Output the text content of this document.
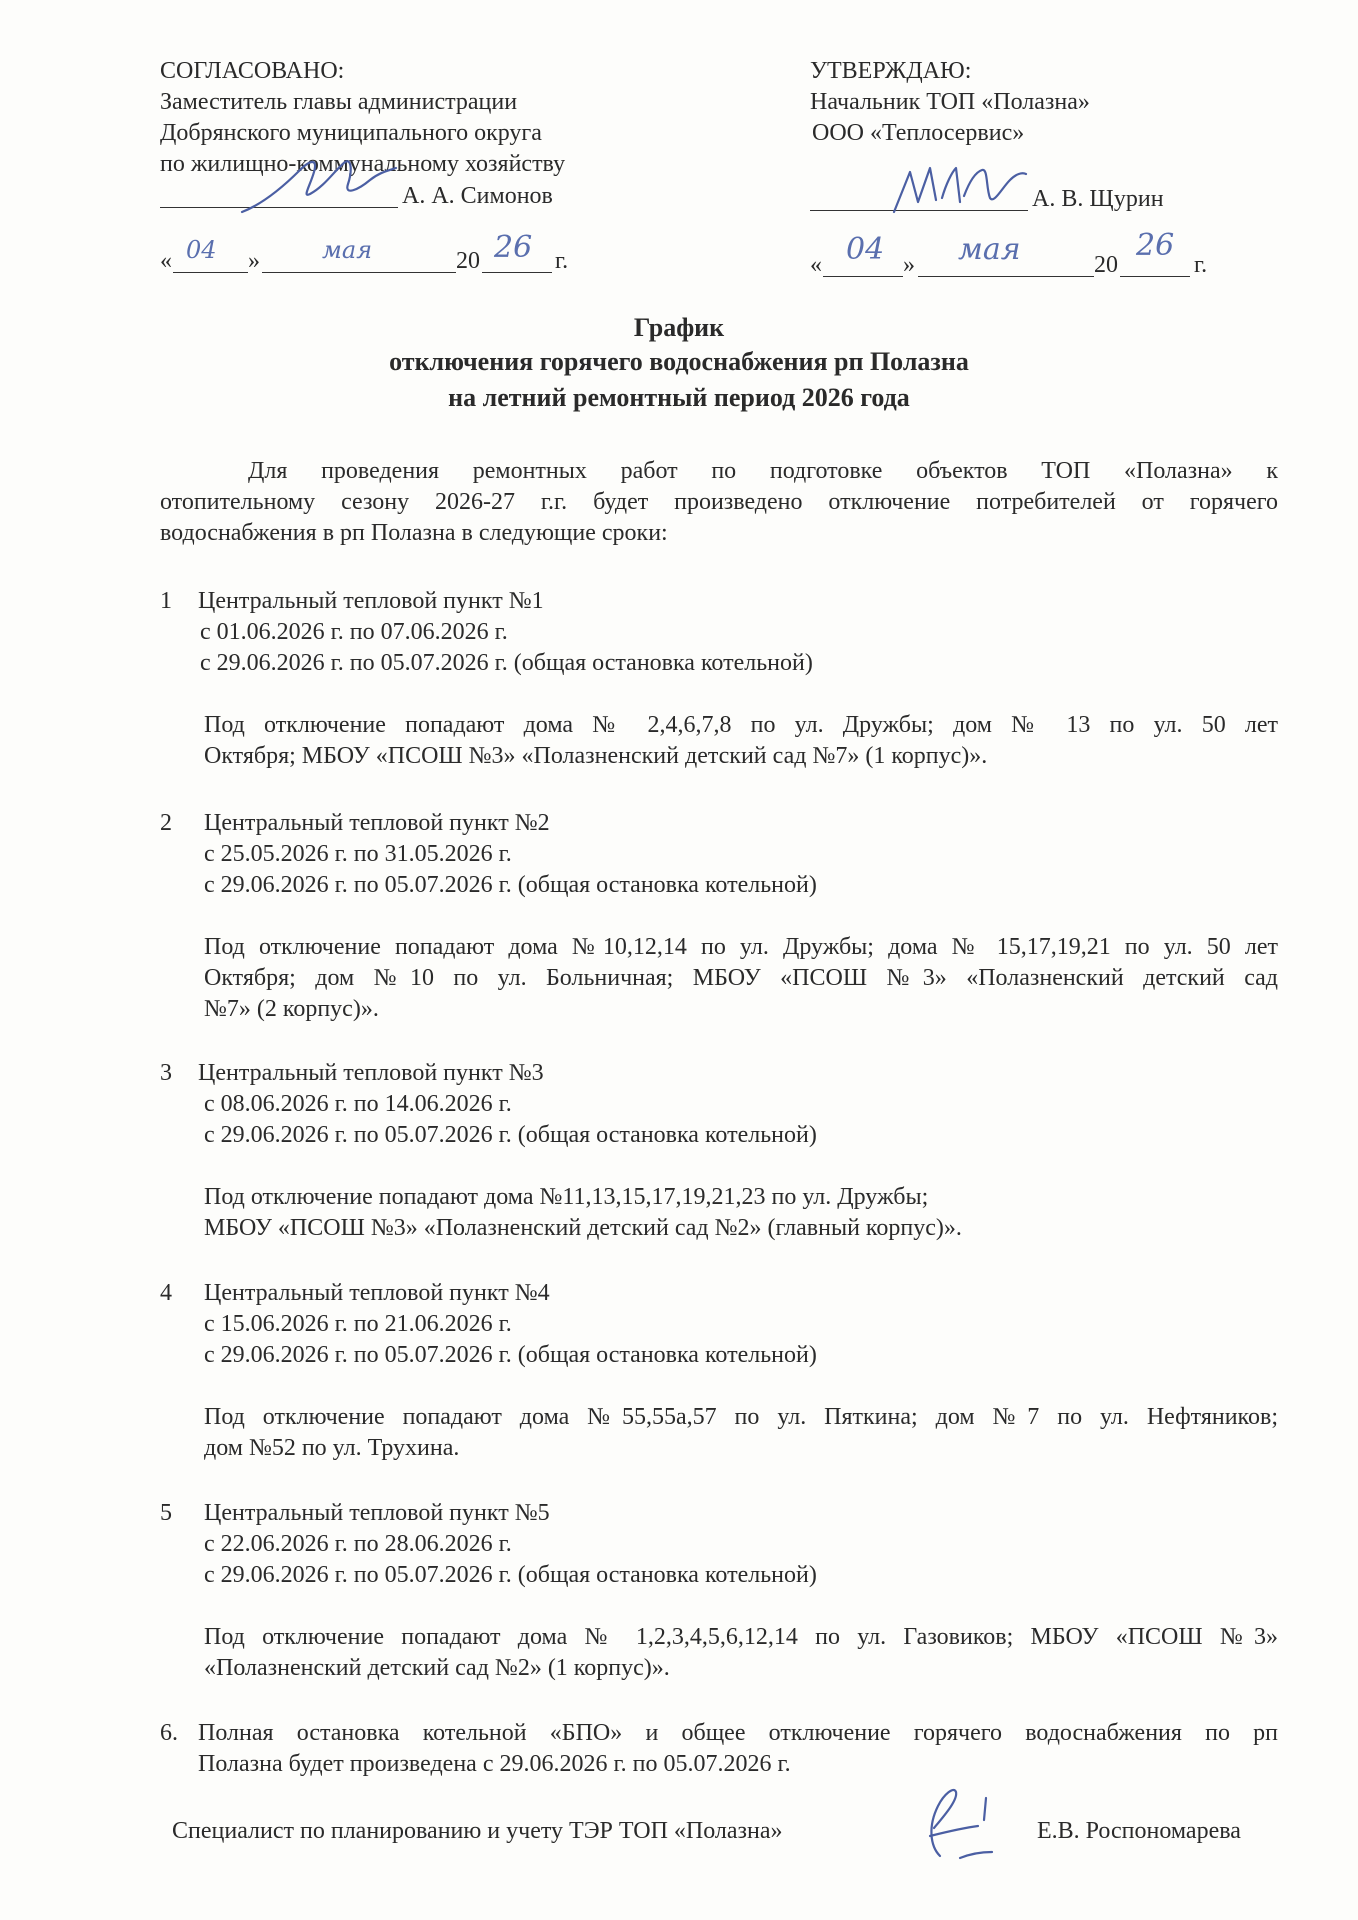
СОГЛАСОВАНО:
Заместитель главы администрации
Добрянского муниципального округа
по жилищно-коммунальному хозяйству
А. А. Симонов
« 04 »	мая	20 26 г.
УТВЕРЖДАЮ:
Начальник ТОП «Полазна»
ООО «Теплосервис»
А. В. Щурин
« 04 » мая	20
26
г.
График
отключения горячего водоснабжения рп Полазна
на летний ремонтный период 2026 года
Для проведения ремонтных работ по подготовке объектов ТОП «Полазна» к
отопительному сезону 2026-27 г.г. будет произведено отключение потребителей от горячего
водоснабжения в рп Полазна в следующие сроки:
1 Центральный тепловой пункт №1
с 01.06.2026 г. по 07.06.2026 г.
с 29.06.2026 г. по 05.07.2026 г. (общая остановка котельной)
Под отключение попадают дома № 2,4,6,7,8 по ул. Дружбы; дом № 13 по ул. 50 лет
Октября; МБОУ «ПСОШ №3» «Полазненский детский сад №7» (1 корпус)».
2 Центральный тепловой пункт №2
с 25.05.2026 г. по 31.05.2026 г.
с 29.06.2026 г. по 05.07.2026 г. (общая остановка котельной)
Под отключение попадают дома №10,12,14 по ул. Дружбы; дома № 15,17,19,21 по ул. 50 лет
Октября; дом №10 по ул. Больничная; МБОУ «ПСОШ №3» «Полазненский детский сад
№7» (2 корпус)».
3 Центральный тепловой пункт №3
с 08.06.2026 г. по 14.06.2026 г.
с 29.06.2026 г. по 05.07.2026 г. (общая остановка котельной)
Под отключение попадают дома №11,13,15,17,19,21,23 по ул. Дружбы;
МБОУ «ПСОШ №3» «Полазненский детский сад №2» (главный корпус)».
4 Центральный тепловой пункт №4
с 15.06.2026 г. по 21.06.2026 г.
с 29.06.2026 г. по 05.07.2026 г. (общая остановка котельной)
Под отключение попадают дома №55,55а,57 по ул. Пяткина; дом №7 по ул. Нефтяников;
дом №52 по ул. Трухина.
5 Центральный тепловой пункт №5
с 22.06.2026 г. по 28.06.2026 г.
с 29.06.2026 г. по 05.07.2026 г. (общая остановка котельной)
Под отключение попадают дома № 1,2,3,4,5,6,12,14 по ул. Газовиков; МБОУ «ПСОШ №3»
«Полазненский детский сад №2» (1 корпус)».
6. Полная остановка котельной «БПО» и общее отключение горячего водоснабжения по рп
Полазна будет произведена с 29.06.2026 г. по 05.07.2026 г.
Специалист по планированию и учету ТЭР ТОП «Полазна»	Е.В. Роспономарева
